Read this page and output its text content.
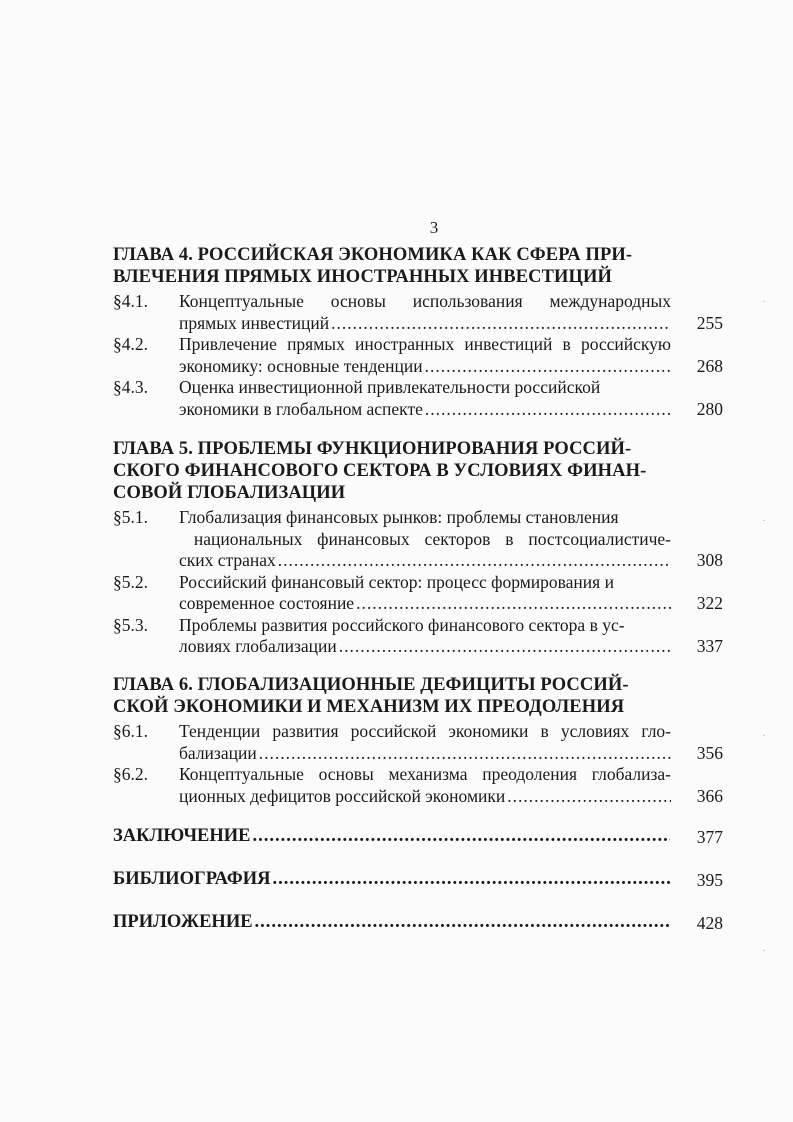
3
ГЛАВА 4. РОССИЙСКАЯ ЭКОНОМИКА КАК СФЕРА ПРИ-
ВЛЕЧЕНИЯ ПРЯМЫХ ИНОСТРАННЫХ ИНВЕСТИЦИЙ
§4.1. Концептуальные основы использования международных
прямых инвестиций .....	255
§4.2. Привлечение прямых иностранных инвестиций в российскую
экономику: основные тенденции .....	268
§4.3. Оценка инвестиционной привлекательности российской
экономики в глобальном аспекте .....	280
ГЛАВА 5. ПРОБЛЕМЫ ФУНКЦИОНИРОВАНИЯ РОССИЙ-
СКОГО ФИНАНСОВОГО СЕКТОРА В УСЛОВИЯХ ФИНАН-
СОВОЙ ГЛОБАЛИЗАЦИИ
§5.1. Глобализация финансовых рынков: проблемы становления
национальных финансовых секторов в постсоциалистиче-
ских странах .....	308
§5.2. Российский финансовый сектор: процесс формирования и
современное состояние .....	322
§5.3. Проблемы развития российского финансового сектора в ус-
ловиях глобализации .....	337
ГЛАВА 6. ГЛОБАЛИЗАЦИОННЫЕ ДЕФИЦИТЫ РОССИЙ-
СКОЙ ЭКОНОМИКИ И МЕХАНИЗМ ИХ ПРЕОДОЛЕНИЯ
§6.1. Тенденции развития российской экономики в условиях гло-
бализации .....	356
§6.2. Концептуальные основы механизма преодоления глобализа-
ционных дефицитов российской экономики .....	366
ЗАКЛЮЧЕНИЕ .....	377
БИБЛИОГРАФИЯ .....	395
ПРИЛОЖЕНИЕ .....	428
·
·
·
·
